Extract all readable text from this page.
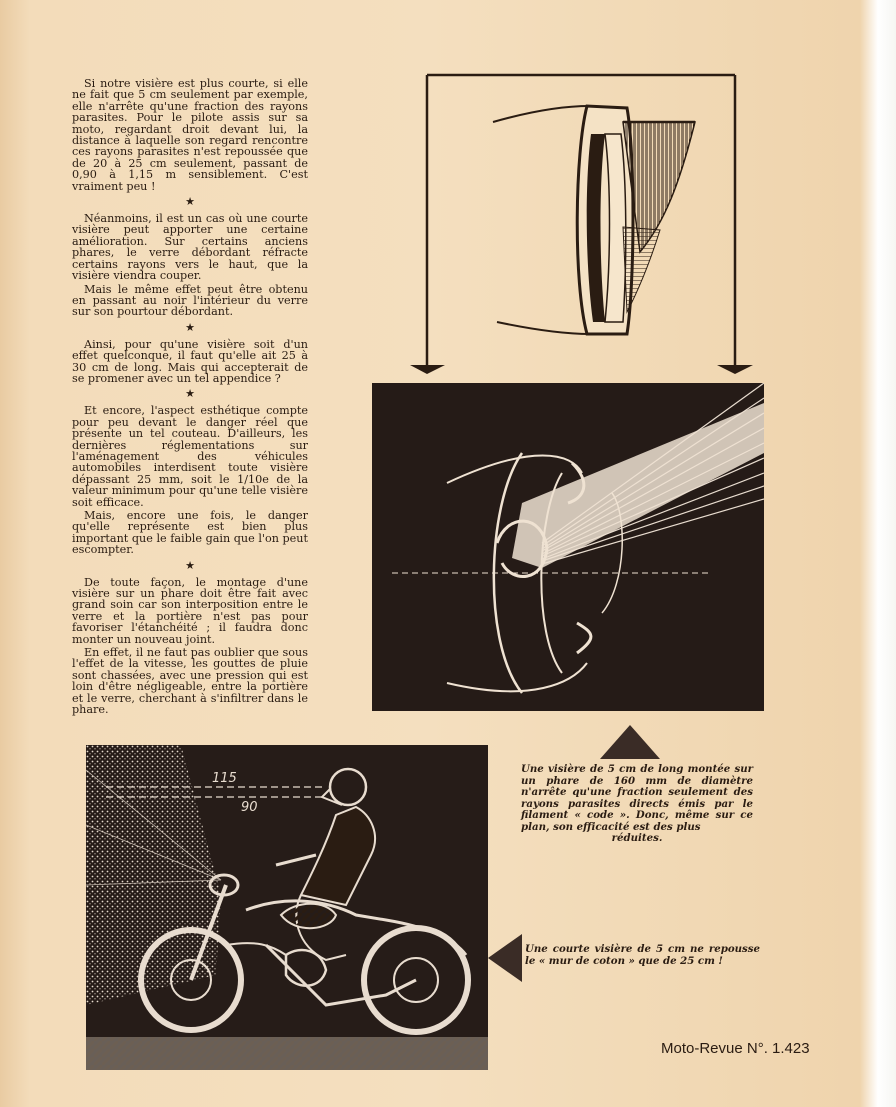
Si notre visière est plus courte, si elle ne fait que 5 cm seulement par exemple, elle n'arrête qu'une fraction des rayons parasites. Pour le pilote assis sur sa moto, regardant droit devant lui, la distance à laquelle son regard rencontre ces rayons parasites n'est repoussée que de 20 à 25 cm seulement, passant de 0,90 à 1,15 m sensiblement. C'est vraiment peu !

★

Néanmoins, il est un cas où une courte visière peut apporter une certaine amélioration. Sur certains anciens phares, le verre débordant réfracte certains rayons vers le haut, que la visière viendra couper.

Mais le même effet peut être obtenu en passant au noir l'intérieur du verre sur son pourtour débordant.

★

Ainsi, pour qu'une visière soit d'un effet quelconque, il faut qu'elle ait 25 à 30 cm de long. Mais qui accepterait de se promener avec un tel appendice ?

★

Et encore, l'aspect esthétique compte pour peu devant le danger réel que présente un tel couteau. D'ailleurs, les dernières réglementations sur l'aménagement des véhicules automobiles interdisent toute visière dépassant 25 mm, soit le 1/10e de la valeur minimum pour qu'une telle visière soit efficace.

Mais, encore une fois, le danger qu'elle représente est bien plus important que le faible gain que l'on peut escompter.

★

De toute façon, le montage d'une visière sur un phare doit être fait avec grand soin car son interposition entre le verre et la portière n'est pas pour favoriser l'étanchéité ; il faudra donc monter un nouveau joint.

En effet, il ne faut pas oublier que sous l'effet de la vitesse, les gouttes de pluie sont chassées, avec une pression qui est loin d'être négligeable, entre la portière et le verre, cherchant à s'infiltrer dans le phare.

Une visière de 5 cm de long montée sur un phare de 160 mm de diamètre n'arrête qu'une fraction seulement des rayons parasites directs émis par le filament « code ». Donc, même sur ce plan, son efficacité est des plus
réduites.
115
90
Une courte visière de 5 cm ne repousse le « mur de coton » que de 25 cm !
Moto-Revue N°. 1.423
